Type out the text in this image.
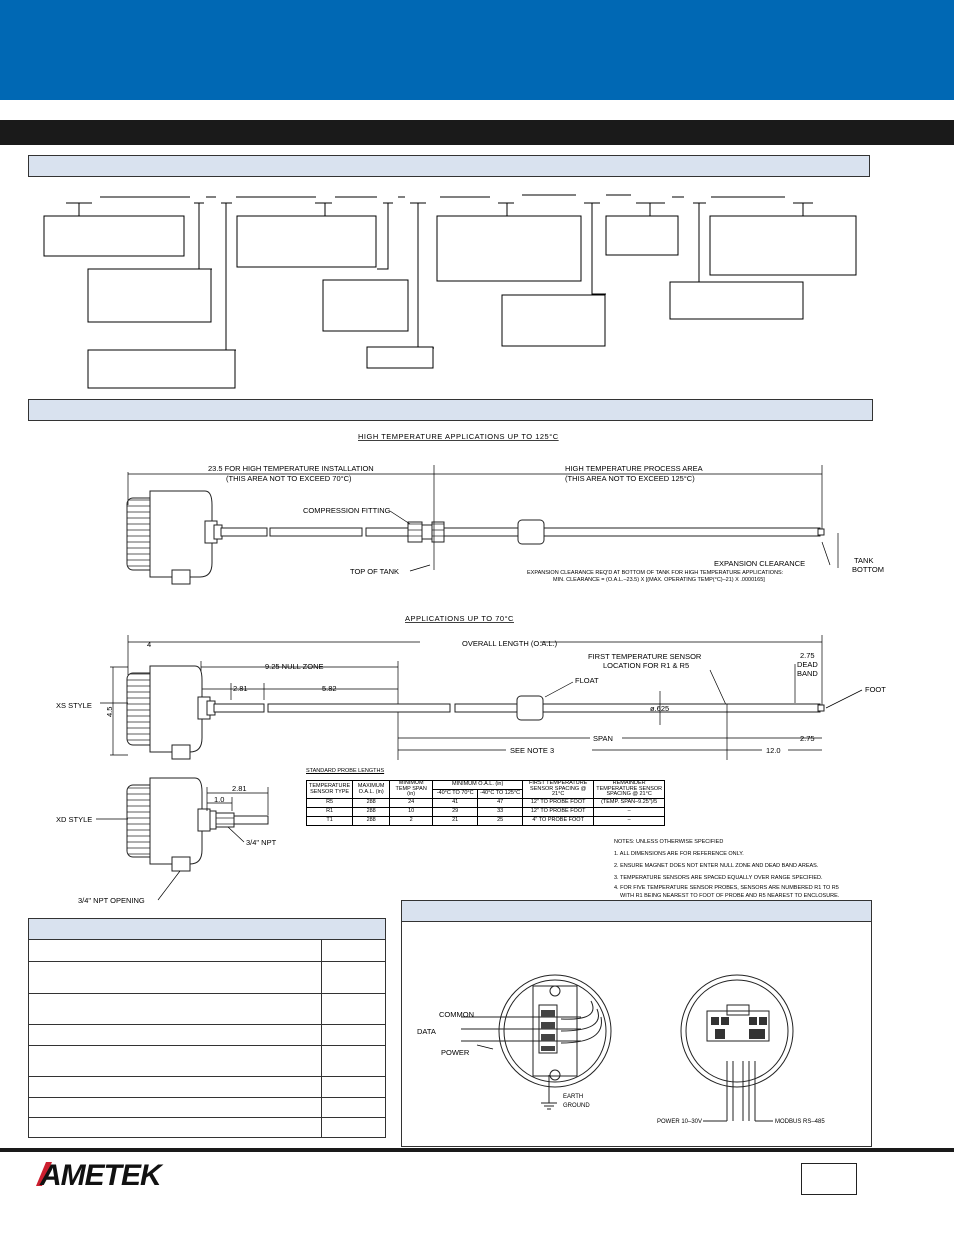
HIGH TEMPERATURE APPLICATIONS UP TO 125°C
23.5 FOR HIGH TEMPERATURE INSTALLATION
(THIS AREA NOT TO EXCEED 70°C)
HIGH TEMPERATURE PROCESS AREA
(THIS AREA NOT TO EXCEED 125°C)
COMPRESSION FITTING
TOP OF TANK
EXPANSION CLEARANCE	TANK
BOTTOM
EXPANSION CLEARANCE REQ'D AT BOTTOM OF TANK FOR HIGH TEMPERATURE APPLICATIONS:
MIN. CLEARANCE = (O.A.L.–23.5) X [(MAX. OPERATING TEMP(°C)–21) X .0000165]
APPLICATIONS UP TO 70°C
4	OVERALL LENGTH (O.A.L.)
9.25 NULL ZONE
2.81	5.82
FIRST TEMPERATURE SENSOR
LOCATION FOR R1 & R5
2.75
DEAD
BAND
FLOAT
FOOT
XS STYLE
4.5	ø.625
SPAN	2.75
SEE NOTE 3	12.0
XD STYLE
2.81
1.0
3/4" NPT
3/4" NPT OPENING
STANDARD PROBE LENGTHS
TEMPERATURE SENSOR TYPE	MAXIMUM O.A.L. (in)	MINIMUM TEMP SPAN (in)	MINIMUM O.A.L. (in)		FIRST TEMPERATURE SENSOR SPACING @ 21°C	REMAINDER TEMPERATURE SENSOR SPACING @ 21°C
			-40°C TO 70°C	-40°C TO 125°C		
R5	288	24	41	47	12" TO PROBE FOOT	(TEMP. SPAN–9.25")/5
R1	288	10	29	33	12" TO PROBE FOOT	–
T1	288	2	21	25	4" TO PROBE FOOT	–
NOTES: UNLESS OTHERWISE SPECIFIED
1. ALL DIMENSIONS ARE FOR REFERENCE ONLY.
2. ENSURE MAGNET DOES NOT ENTER NULL ZONE AND DEAD BAND AREAS.
3. TEMPERATURE SENSORS ARE SPACED EQUALLY OVER RANGE SPECIFIED.
4. FOR FIVE TEMPERATURE SENSOR PROBES, SENSORS ARE NUMBERED R1 TO R5
WITH R1 BEING NEAREST TO FOOT OF PROBE AND R5 NEAREST TO ENCLOSURE.
COMMON
DATA
POWER
EARTH
GROUND
POWER 10–30V	MODBUS RS–485
AMETEK
